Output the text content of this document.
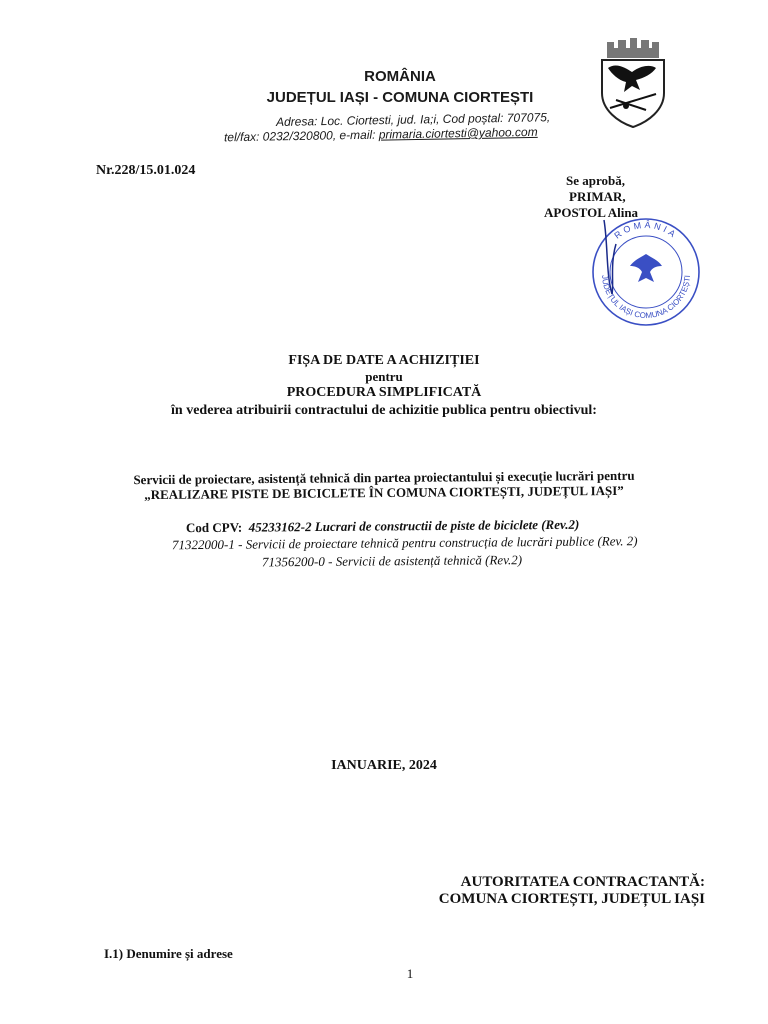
ROMÂNIA
JUDEȚUL IAȘI - COMUNA CIORTEȘTI
Adresa: Loc. Ciortesti, jud. Ia;i, Cod poștal: 707075,
tel/fax: 0232/320800, e-mail: primaria.ciortesti@yahoo.com
Nr.228/15.01.024
Se aprobă,
PRIMAR,
APOSTOL Alina
ROMÂNIA
JUDEȚUL IAȘI COMUNA CIORTEȘTI
FIȘA DE DATE A ACHIZIȚIEI
pentru
PROCEDURA SIMPLIFICATĂ
în vederea atribuirii contractului de achizitie publica pentru obiectivul:
Servicii de proiectare, asistență tehnică din partea proiectantului și execuție lucrări pentru
„REALIZARE PISTE DE BICICLETE ÎN COMUNA CIORTEȘTI, JUDEȚUL IAȘI”
Cod CPV: 45233162-2 Lucrari de constructii de piste de biciclete (Rev.2)
71322000-1 - Servicii de proiectare tehnică pentru construcția de lucrări publice (Rev. 2)
71356200-0 - Servicii de asistență tehnică (Rev.2)
IANUARIE, 2024
AUTORITATEA CONTRACTANTĂ:
COMUNA CIORTEȘTI, JUDEȚUL IAȘI
I.1) Denumire și adrese
1
